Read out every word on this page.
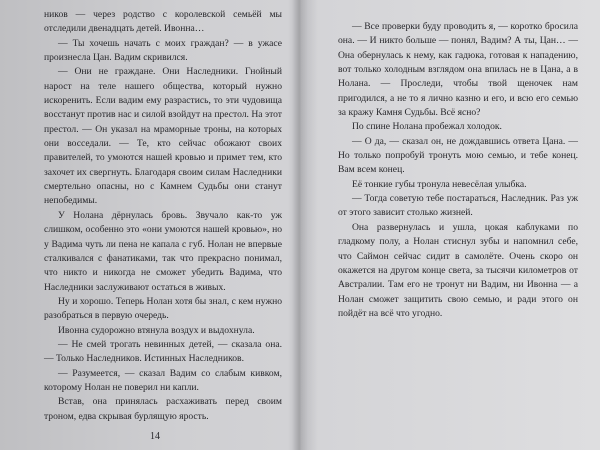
ников — через родство с королевской семьёй мы отследили двенадцать детей. Ивонна…

— Ты хочешь начать с моих граждан? — в ужасе произнесла Цан. Вадим скривился.

— Они не граждане. Они Наследники. Гнойный нарост на теле нашего общества, который нужно искоренить. Если вадим ему разрастись, то эти чудовища восстанут против нас и силой взойдут на престол. На этот престол. — Он указал на мраморные троны, на которых они восседали. — Те, кто сейчас обожают своих правителей, то умоются нашей кровью и примет тем, кто захочет их свергнуть. Благодаря своим силам Наследники смертельно опасны, но с Камнем Судьбы они станут непобедимы.

У Нолана дёрнулась бровь. Звучало как-то уж слишком, особенно это «они умоются нашей кровью», но у Вадима чуть ли пена не капала с губ. Нолан не впервые сталкивался с фанатиками, так что прекрасно понимал, что никто и никогда не сможет убедить Вадима, что Наследники заслуживают остаться в живых.

Ну и хорошо. Теперь Нолан хотя бы знал, с кем нужно разобраться в первую очередь.

Ивонна судорожно втянула воздух и выдохнула.

— Не смей трогать невинных детей, — сказала она. — Только Наследников. Истинных Наследников.

— Разумеется, — сказал Вадим со слабым кивком, которому Нолан не поверил ни капли.

Встав, она принялась расхаживать перед своим троном, едва скрывая бурлящую ярость.

14

— Все проверки буду проводить я, — коротко бросила она. — И никто больше — понял, Вадим? А ты, Цан… — Она обернулась к нему, как гадюка, готовая к нападению, вот только холодным взглядом она впилась не в Цана, а в Нолана. — Проследи, чтобы твой щеночек нам пригодился, а не то я лично казню и его, и всю его семью за кражу Камня Судьбы. Всё ясно?

По спине Нолана пробежал холодок.

— О да, — сказал он, не дождавшись ответа Цана. — Но только попробуй тронуть мою семью, и тебе конец. Вам всем конец.

Её тонкие губы тронула невесёлая улыбка.

— Тогда советую тебе постараться, Наследник. Раз уж от этого зависит столько жизней.

Она развернулась и ушла, цокая каблуками по гладкому полу, а Нолан стиснул зубы и напомнил себе, что Саймон сейчас сидит в самолёте. Очень скоро он окажется на другом конце света, за тысячи километров от Австралии. Там его не тронут ни Вадим, ни Ивонна — а Нолан сможет защитить свою семью, и ради этого он пойдёт на всё что угодно.
